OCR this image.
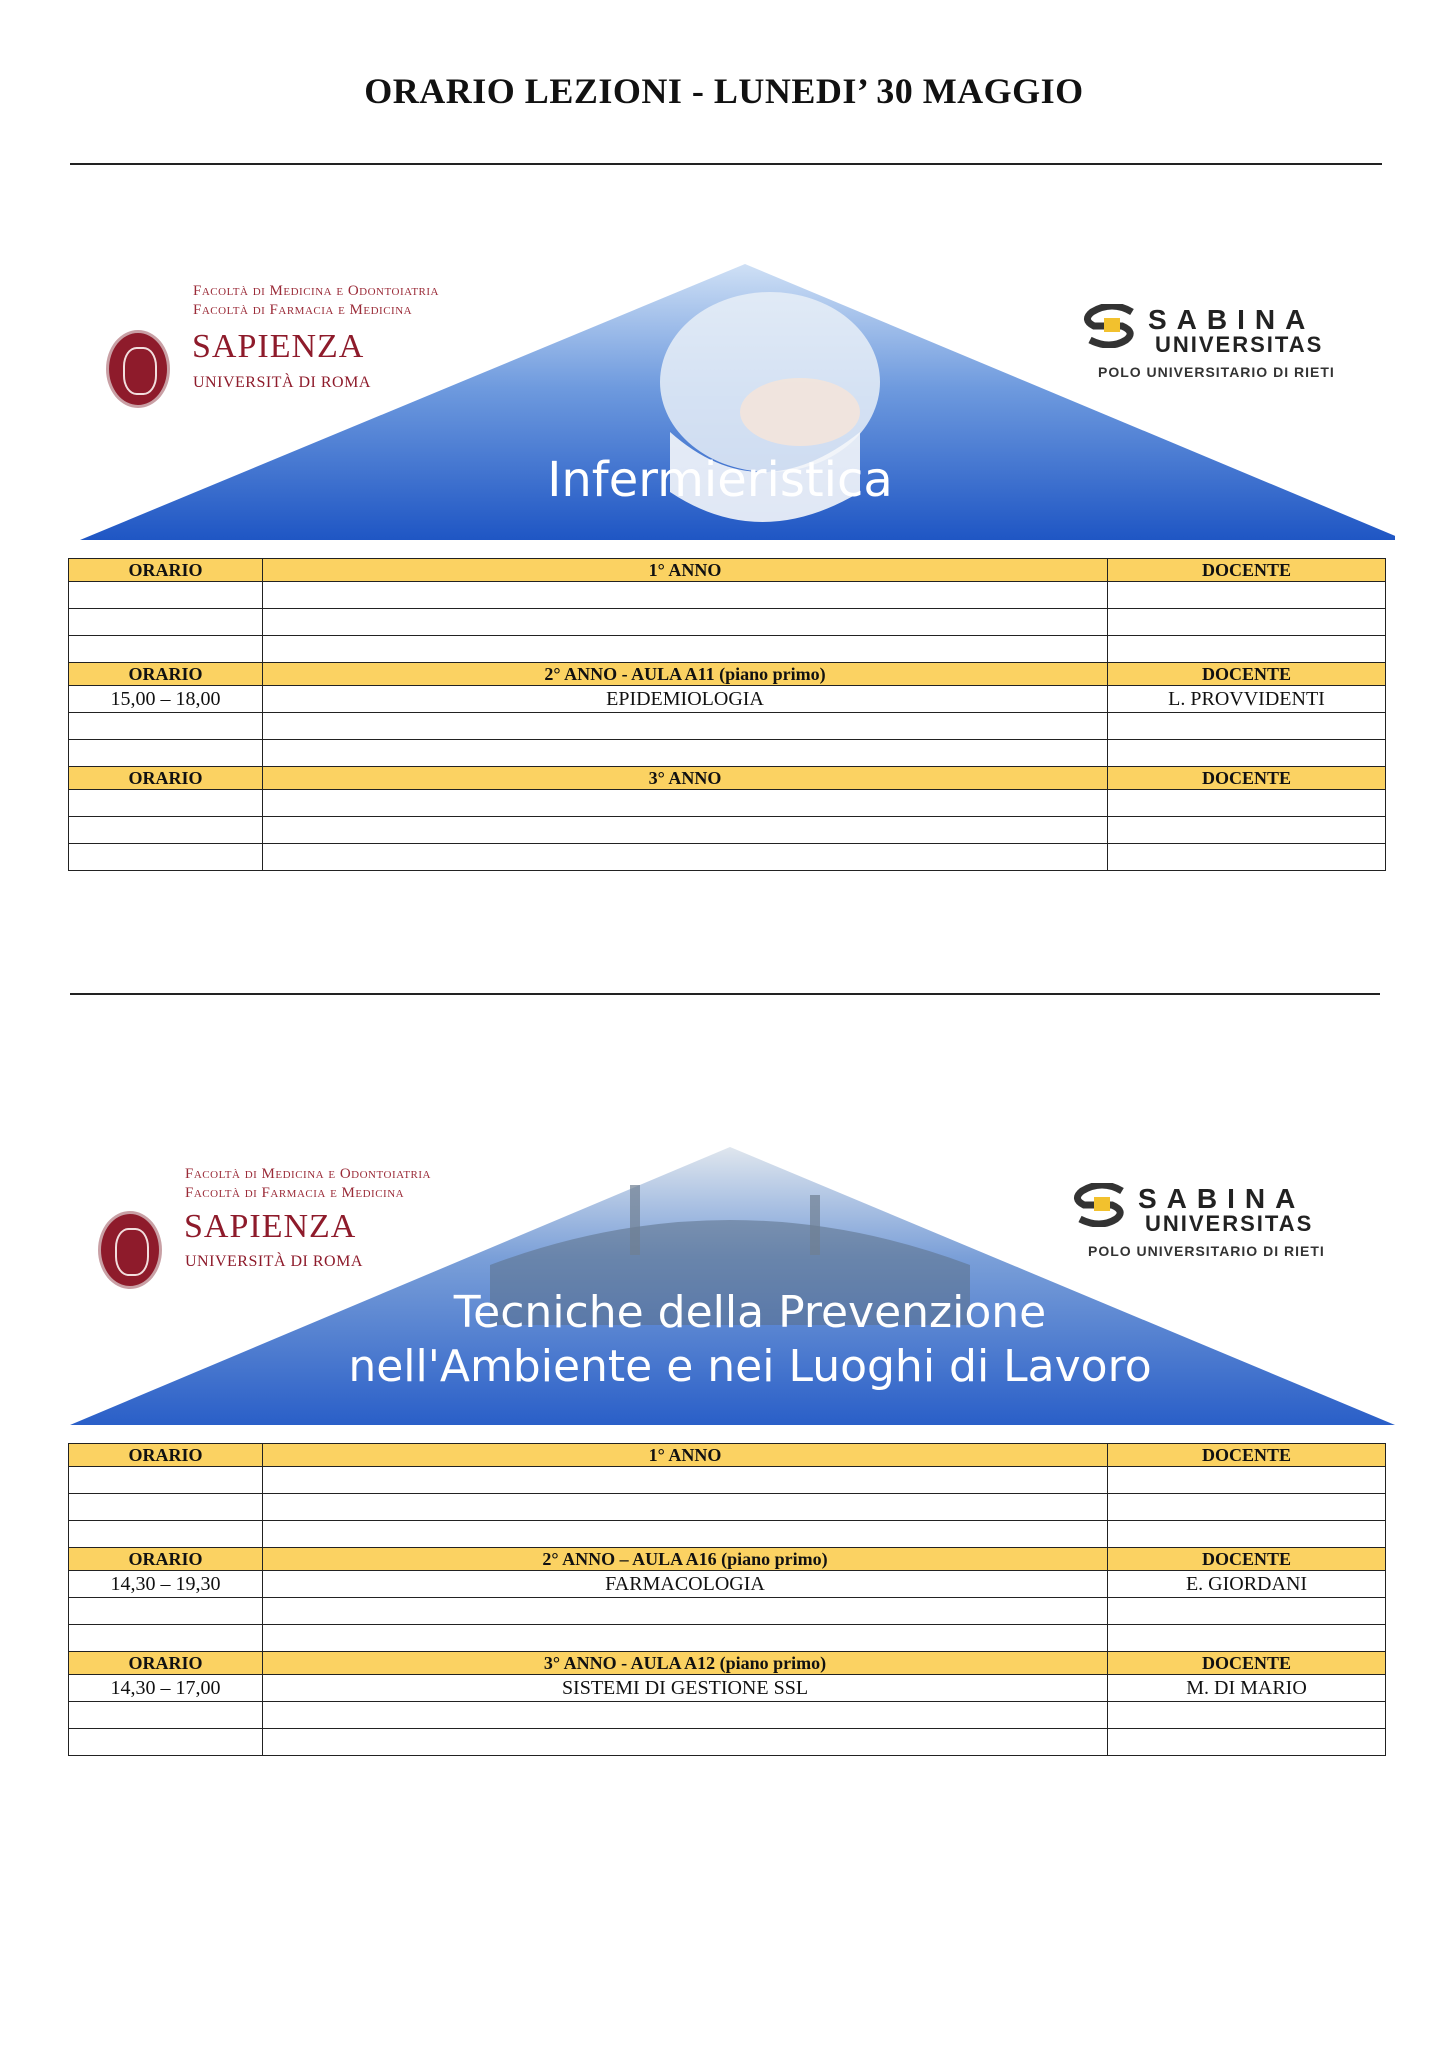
ORARIO LEZIONI - LUNEDI’ 30 MAGGIO
Facoltà di Medicina e Odontoiatria
Facoltà di Farmacia e Medicina
SAPIENZA
UNIVERSITÀ DI ROMA
SABINA
UNIVERSITAS
POLO UNIVERSITARIO DI RIETI
Infermieristica
ORARIO	1° ANNO	DOCENTE

ORARIO	2° ANNO - AULA A11 (piano primo)	DOCENTE
15,00 – 18,00	EPIDEMIOLOGIA	L. PROVVIDENTI

ORARIO	3° ANNO	DOCENTE

Facoltà di Medicina e Odontoiatria
Facoltà di Farmacia e Medicina
SAPIENZA
UNIVERSITÀ DI ROMA
SABINA
UNIVERSITAS
POLO UNIVERSITARIO DI RIETI
Tecniche della Prevenzione
nell'Ambiente e nei Luoghi di Lavoro
ORARIO	1° ANNO	DOCENTE

ORARIO	2° ANNO – AULA A16 (piano primo)	DOCENTE
14,30 – 19,30	FARMACOLOGIA	E. GIORDANI

ORARIO	3° ANNO - AULA A12 (piano primo)	DOCENTE
14,30 – 17,00	SISTEMI DI GESTIONE SSL	M. DI MARIO
